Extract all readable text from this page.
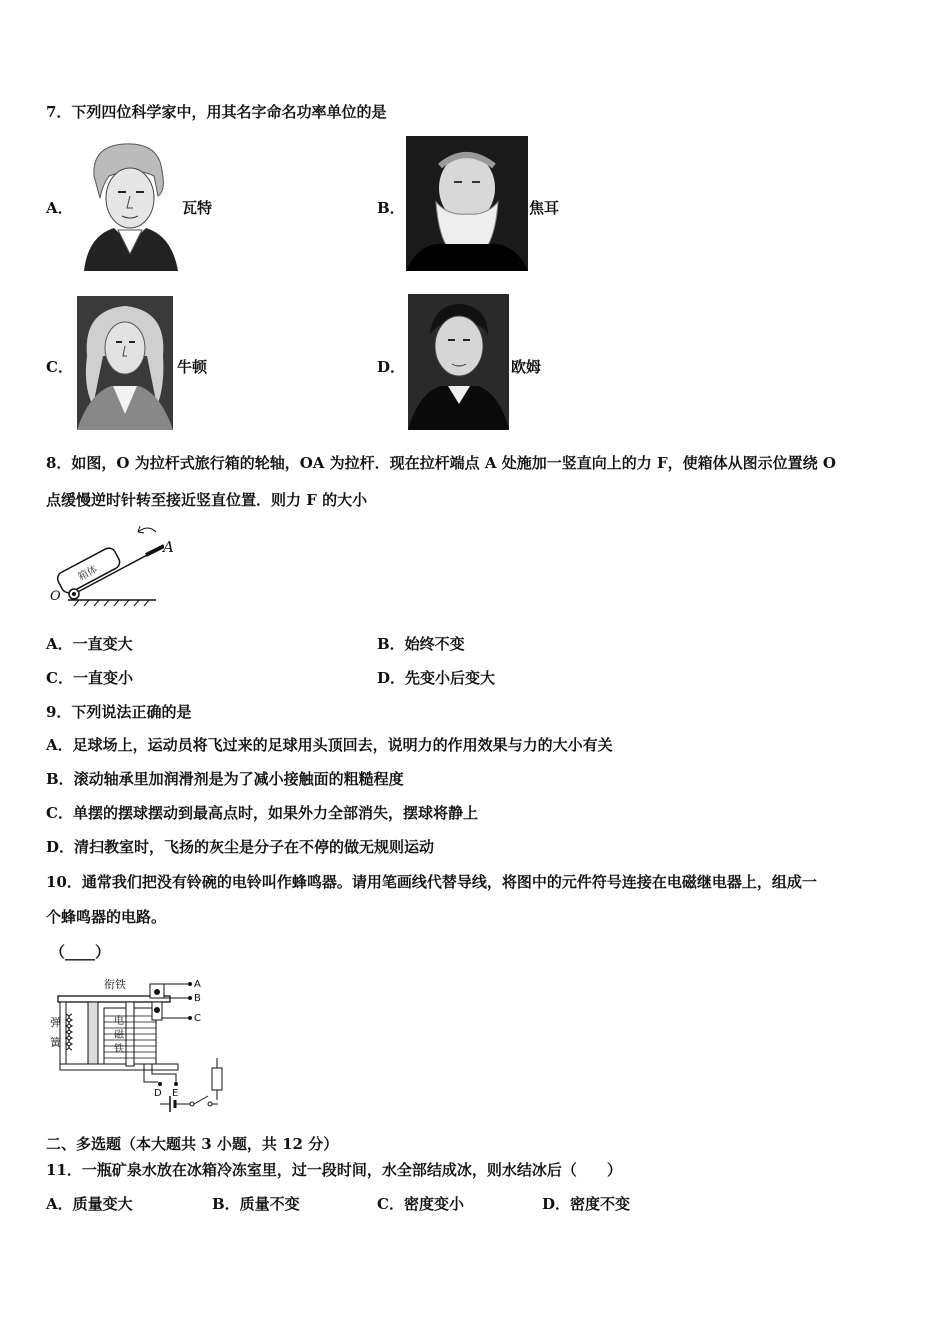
7．下列四位科学家中，用其名字命名功率单位的是
A．	瓦特	B．	焦耳
C．	牛顿	D．	欧姆
8．如图，O 为拉杆式旅行箱的轮轴，OA 为拉杆．现在拉杆端点 A 处施加一竖直向上的力 F，使箱体从图示位置绕 O
点缓慢逆时针转至接近竖直位置．则力 F 的大小
箱体
O
A
A．一直变大	B．始终不变
C．一直变小	D．先变小后变大
9．下列说法正确的是
A．足球场上，运动员将飞过来的足球用头顶回去，说明力的作用效果与力的大小有关
B．滚动轴承里加润滑剂是为了减小接触面的粗糙程度
C．单摆的摆球摆动到最高点时，如果外力全部消失，摆球将静上
D．清扫教室时，飞扬的灰尘是分子在不停的做无规则运动
10．通常我们把没有铃碗的电铃叫作蜂鸣器。请用笔画线代替导线，将图中的元件符号连接在电磁继电器上，组成一
个蜂鸣器的电路。
（____）
衔铁
弹
簧
电
磁
铁
A
B
C
D E
二、多选题（本大题共 3 小题，共 12 分）
11．一瓶矿泉水放在冰箱冷冻室里，过一段时间，水全部结成冰，则水结冰后（　　）
A．质量变大	B．质量不变	C．密度变小	D．密度不变
